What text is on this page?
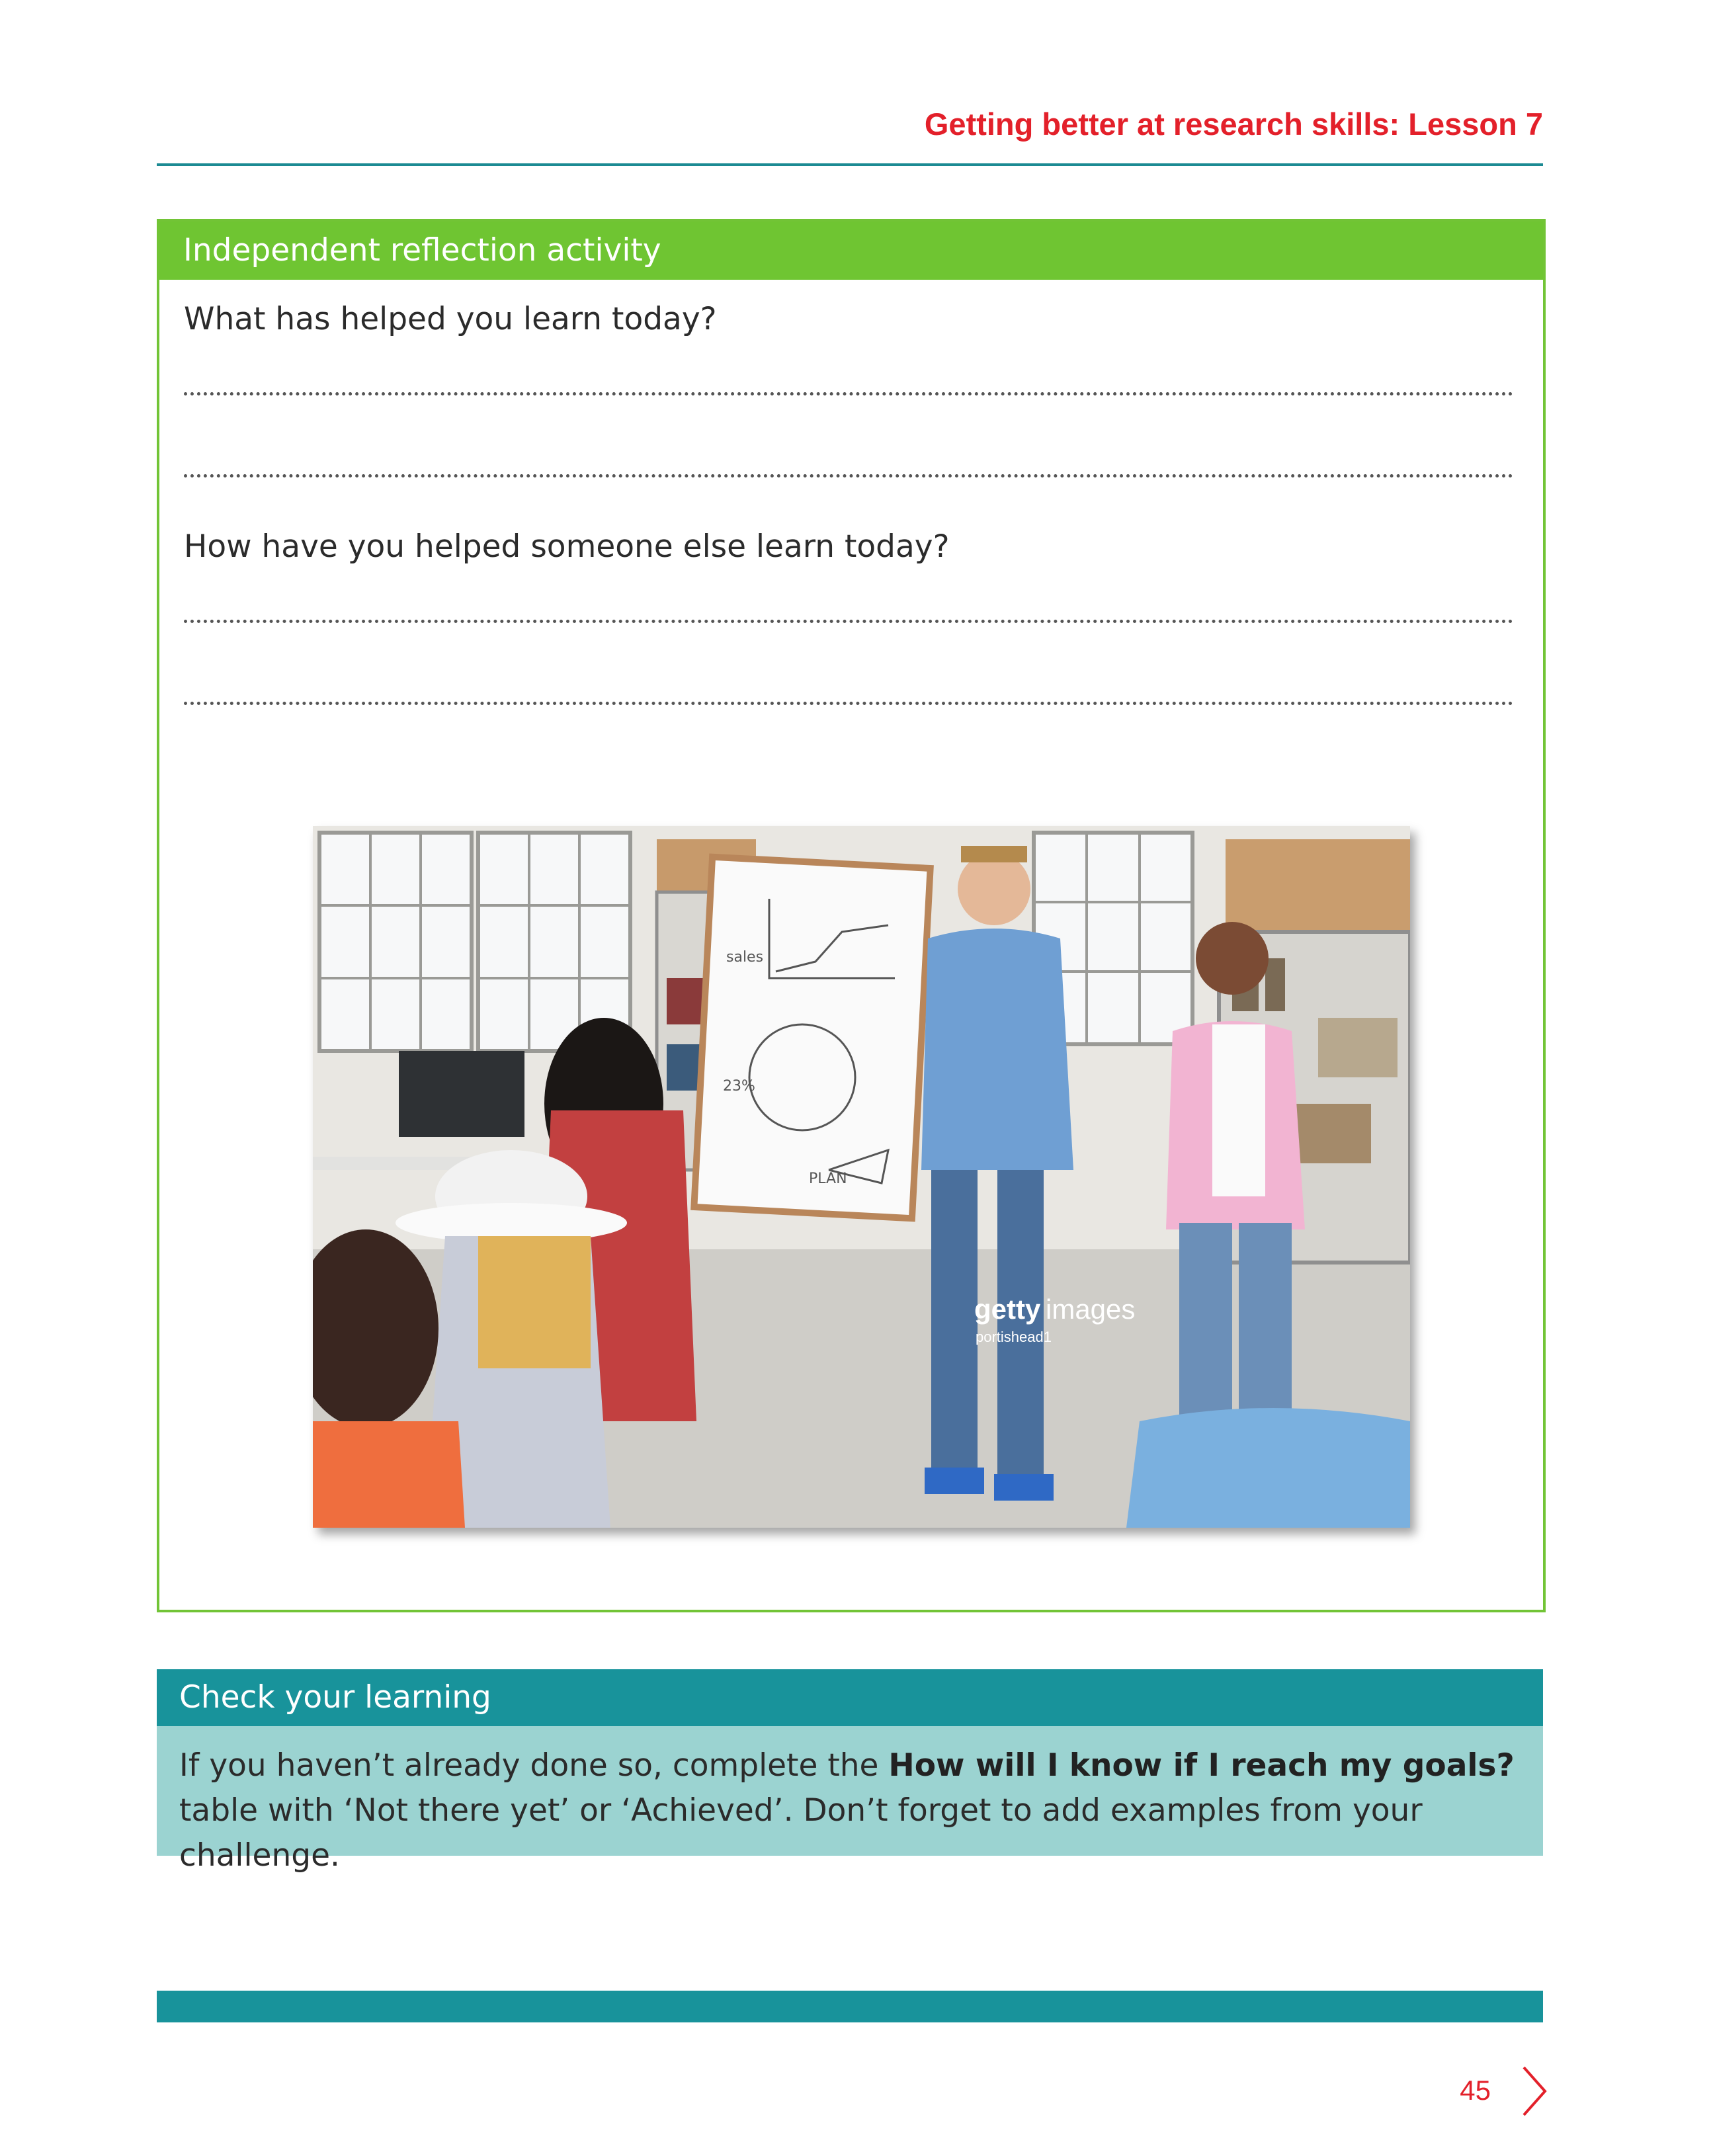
Getting better at research skills: Lesson 7
Independent reflection activity
What has helped you learn today?
How have you helped someone else learn today?
sales
23%
PLAN
getty images
portishead1
Check your learning
If you haven’t already done so, complete the How will I know if I reach my goals? table with ‘Not there yet’ or ‘Achieved’. Don’t forget to add examples from your challenge.
45
